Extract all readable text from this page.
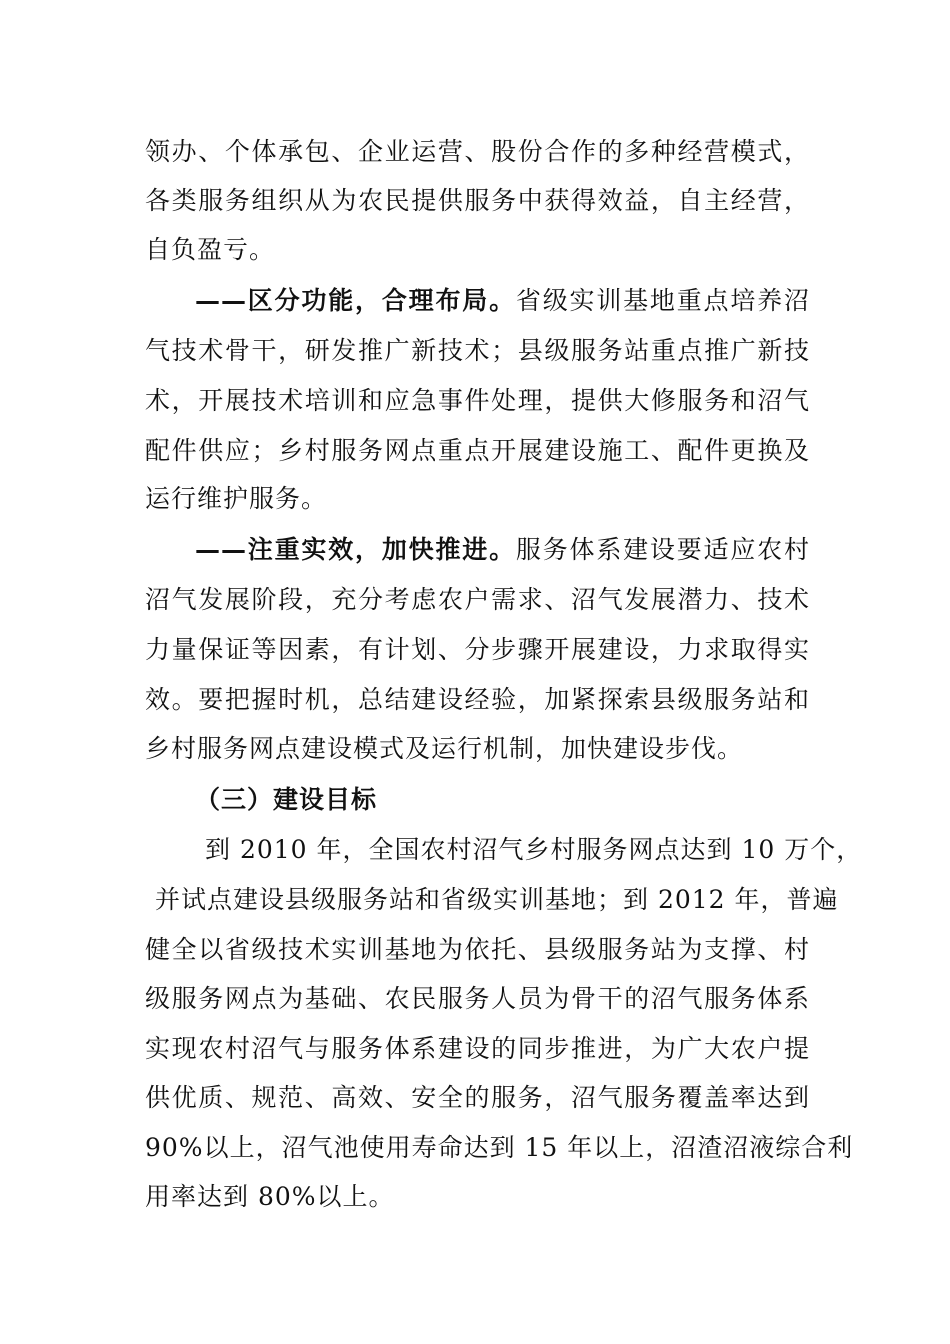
领办、个体承包、企业运营、股份合作的多种经营模式，
各类服务组织从为农民提供服务中获得效益，自主经营，
自负盈亏。
——区分功能，合理布局。省级实训基地重点培养沼
气技术骨干，研发推广新技术；县级服务站重点推广新技
术，开展技术培训和应急事件处理，提供大修服务和沼气
配件供应；乡村服务网点重点开展建设施工、配件更换及
运行维护服务。
——注重实效，加快推进。服务体系建设要适应农村
沼气发展阶段，充分考虑农户需求、沼气发展潜力、技术
力量保证等因素，有计划、分步骤开展建设，力求取得实
效。要把握时机，总结建设经验，加紧探索县级服务站和
乡村服务网点建设模式及运行机制，加快建设步伐。
（三）建设目标
到 2010 年，全国农村沼气乡村服务网点达到 10 万个，
并试点建设县级服务站和省级实训基地；到 2012 年，普遍
健全以省级技术实训基地为依托、县级服务站为支撑、村
级服务网点为基础、农民服务人员为骨干的沼气服务体系
实现农村沼气与服务体系建设的同步推进，为广大农户提
供优质、规范、高效、安全的服务，沼气服务覆盖率达到
90%以上，沼气池使用寿命达到 15 年以上，沼渣沼液综合利
用率达到 80%以上。
